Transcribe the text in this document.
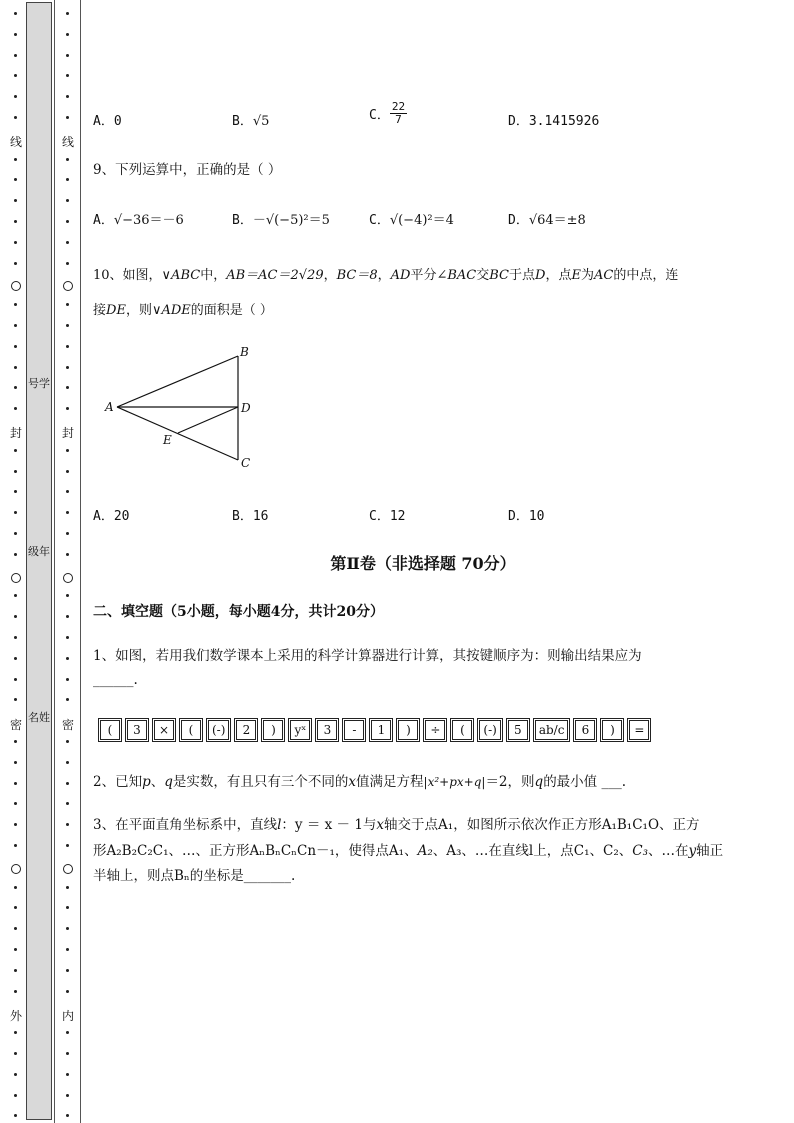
号学
级年
名姓
线
封
密
外
线
封
密
内
A．0	B．√5	C． $\frac{22}{7}$	D．3.1415926
9、下列运算中，正确的是（ ）
A．√−36＝－6	B．－√(−5)²＝5	C．√(−4)²＝4	D．√64＝±8
10、如图，∨ABC中，AB＝AC＝2√29，BC＝8，AD平分∠BAC交BC于点D，点E为AC的中点，连
接DE，则∨ADE的面积是（ ）
B
A	D
E
C
A．20	B．16	C．12	D．10
第Ⅱ卷（非选择题 70分）
二、填空题（5小题，每小题4分，共计20分）
1、如图，若用我们数学课本上采用的科学计算器进行计算，其按键顺序为：则输出结果应为
______.
(	3	×	(	(-)	2	)	yˣ	3	-	1	)	÷	(	(-)	5	ab/c	6	)	=
2、已知p、q是实数，有且只有三个不同的x值满足方程|x²+px+q|＝2，则q的最小值 ___.
3、在平面直角坐标系中，直线l：y ＝ x － 1与x轴交于点A₁，如图所示依次作正方形A₁B₁C₁O、正方
形A₂B₂C₂C₁、…、正方形AₙBₙCₙCn－₁，使得点A₁、A₂、A₃、…在直线l上，点C₁、C₂、C₃、…在y轴正
半轴上，则点Bₙ的坐标是_______.
